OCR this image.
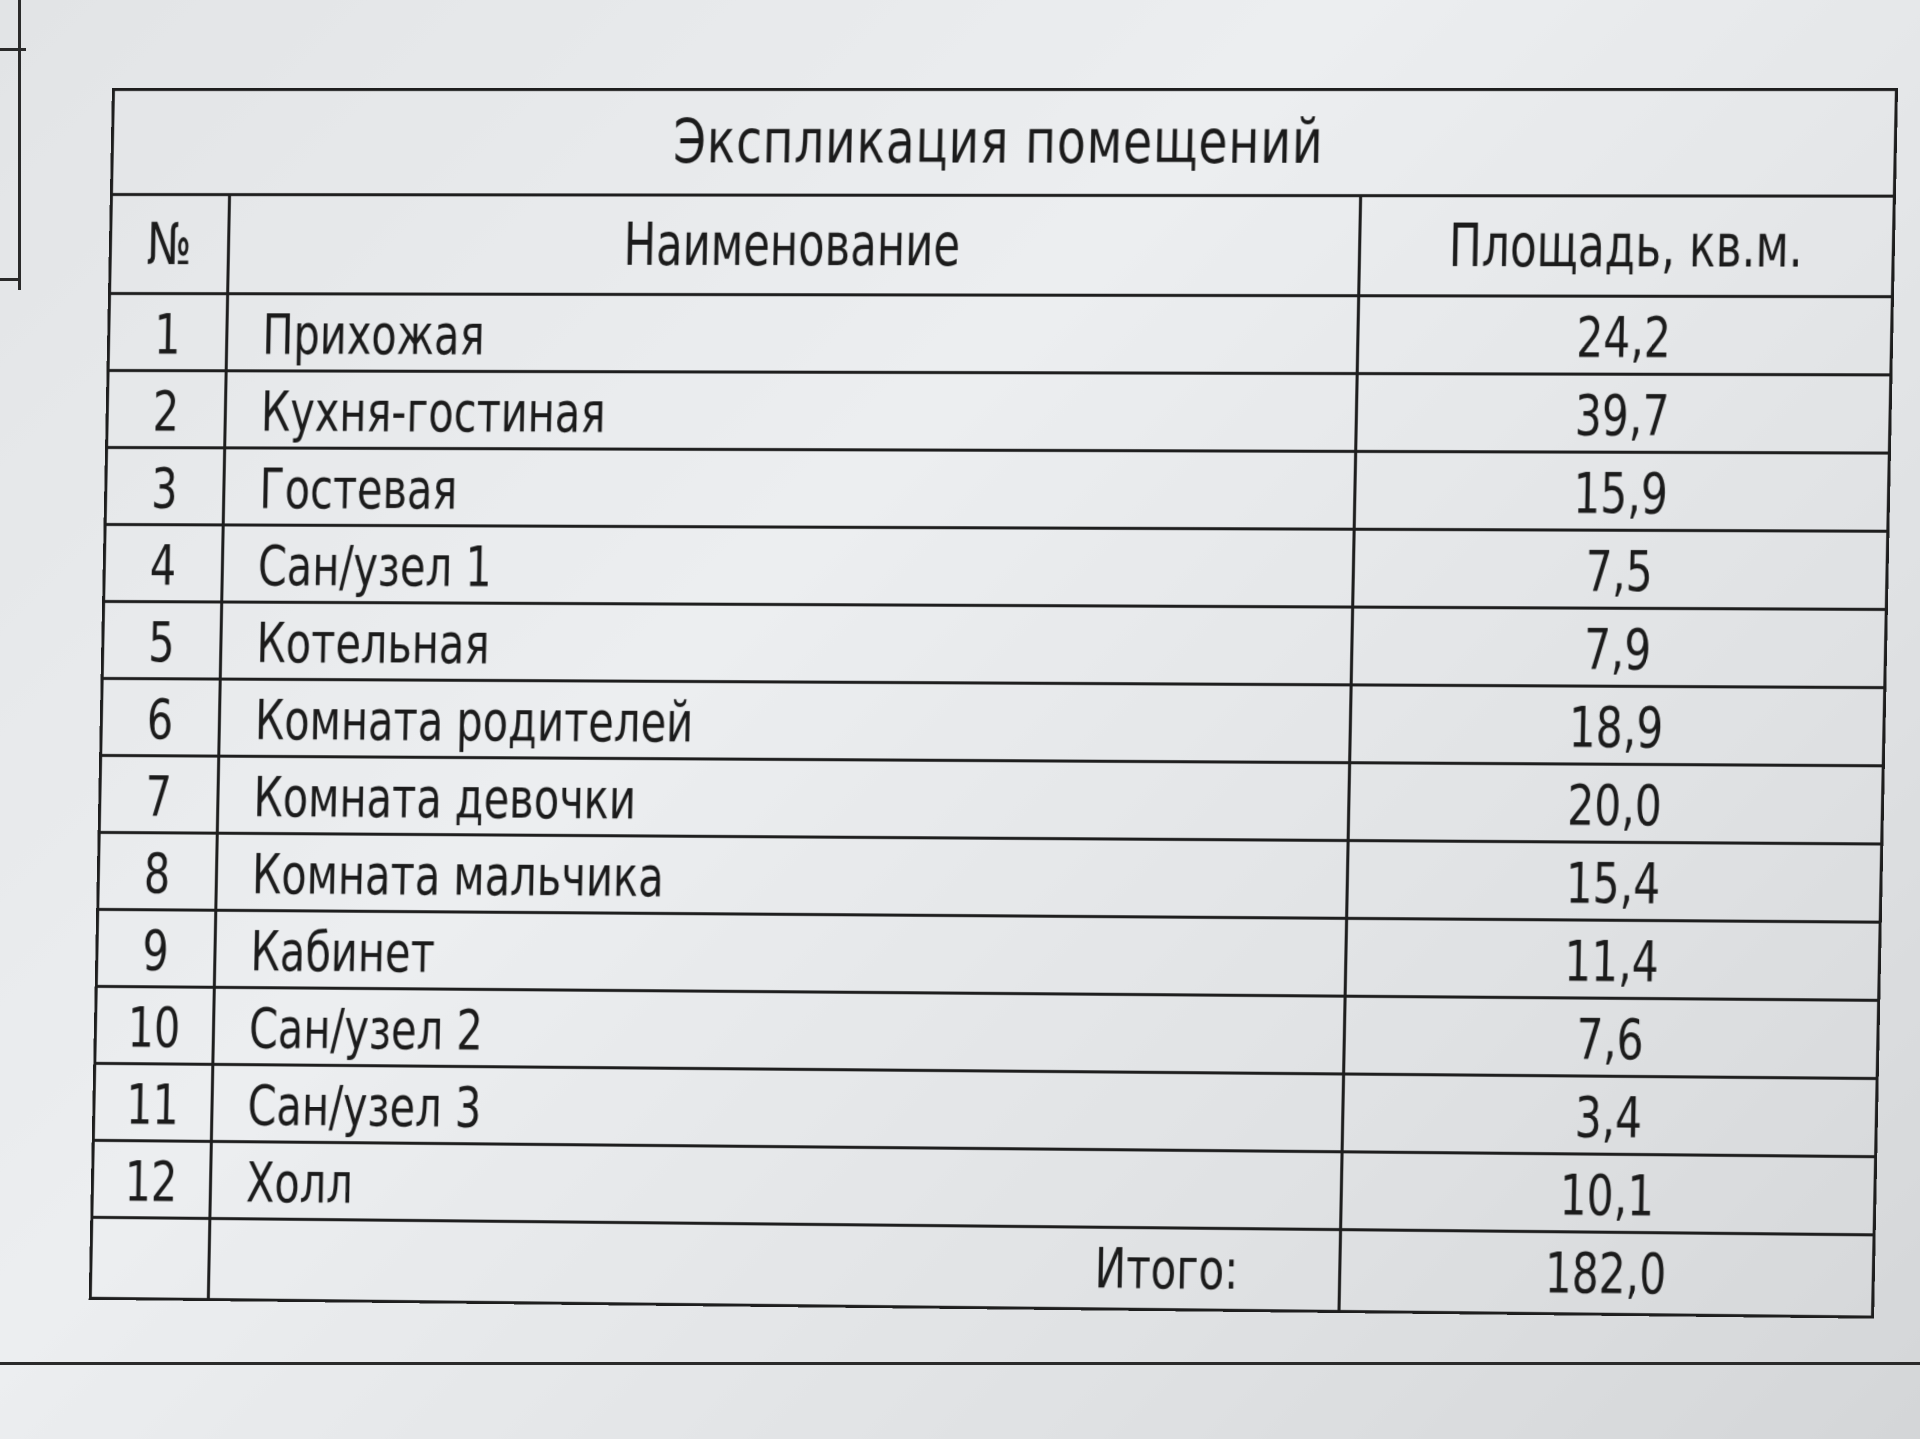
Экспликация помещений		
№	Наименование	Площадь, кв.м.
1	Прихожая	24,2
2	Кухня-гостиная	39,7
3	Гостевая	15,9
4	Сан/узел 1	7,5
5	Котельная	7,9
6	Комната родителей	18,9
7	Комната девочки	20,0
8	Комната мальчика	15,4
9	Кабинет	11,4
10	Сан/узел 2	7,6
11	Сан/узел 3	3,4
12	Холл	10,1
	Итого:	182,0
